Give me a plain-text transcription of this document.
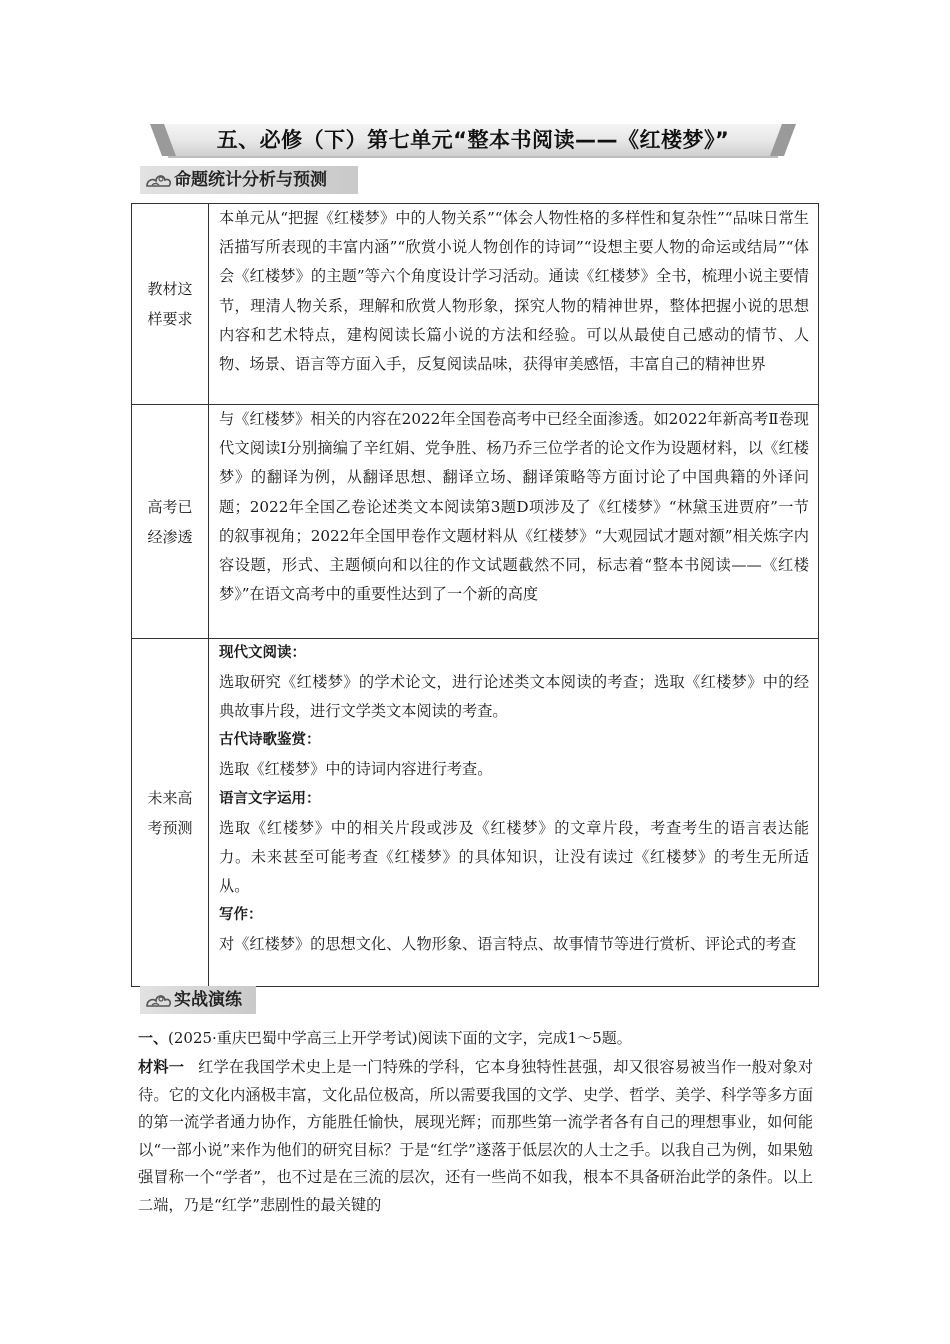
五、必修（下）第七单元“整本书阅读——《红楼梦》”
命题统计分析与预测
教材这样要求
本单元从“把握《红楼梦》中的人物关系”“体会人物性格的多样性和复杂性”“品味日常生活描写所表现的丰富内涵”“欣赏小说人物创作的诗词”“设想主要人物的命运或结局”“体会《红楼梦》的主题”等六个角度设计学习活动。通读《红楼梦》全书，梳理小说主要情节，理清人物关系，理解和欣赏人物形象，探究人物的精神世界，整体把握小说的思想内容和艺术特点，建构阅读长篇小说的方法和经验。可以从最使自己感动的情节、人物、场景、语言等方面入手，反复阅读品味，获得审美感悟，丰富自己的精神世界
高考已经渗透
与《红楼梦》相关的内容在2022年全国卷高考中已经全面渗透。如2022年新高考Ⅱ卷现代文阅读Ⅰ分别摘编了辛红娟、党争胜、杨乃乔三位学者的论文作为设题材料，以《红楼梦》的翻译为例，从翻译思想、翻译立场、翻译策略等方面讨论了中国典籍的外译问题；2022年全国乙卷论述类文本阅读第3题D项涉及了《红楼梦》“林黛玉进贾府”一节的叙事视角；2022年全国甲卷作文题材料从《红楼梦》“大观园试才题对额”相关炼字内容设题，形式、主题倾向和以往的作文试题截然不同，标志着“整本书阅读——《红楼梦》”在语文高考中的重要性达到了一个新的高度
未来高考预测
现代文阅读：
选取研究《红楼梦》的学术论文，进行论述类文本阅读的考查；选取《红楼梦》中的经典故事片段，进行文学类文本阅读的考查。
古代诗歌鉴赏：
选取《红楼梦》中的诗词内容进行考查。
语言文字运用：
选取《红楼梦》中的相关片段或涉及《红楼梦》的文章片段，考查考生的语言表达能力。未来甚至可能考查《红楼梦》的具体知识，让没有读过《红楼梦》的考生无所适从。
写作：
对《红楼梦》的思想文化、人物形象、语言特点、故事情节等进行赏析、评论式的考查
实战演练
一、(2025·重庆巴蜀中学高三上开学考试)阅读下面的文字，完成1～5题。
材料一 红学在我国学术史上是一门特殊的学科，它本身独特性甚强，却又很容易被当作一般对象对待。它的文化内涵极丰富，文化品位极高，所以需要我国的文学、史学、哲学、美学、科学等多方面的第一流学者通力协作，方能胜任愉快，展现光辉；而那些第一流学者各有自己的理想事业，如何能以“一部小说”来作为他们的研究目标？于是“红学”遂落于低层次的人士之手。以我自己为例，如果勉强冒称一个“学者”，也不过是在三流的层次，还有一些尚不如我，根本不具备研治此学的条件。以上二端，乃是“红学”悲剧性的最关键的
